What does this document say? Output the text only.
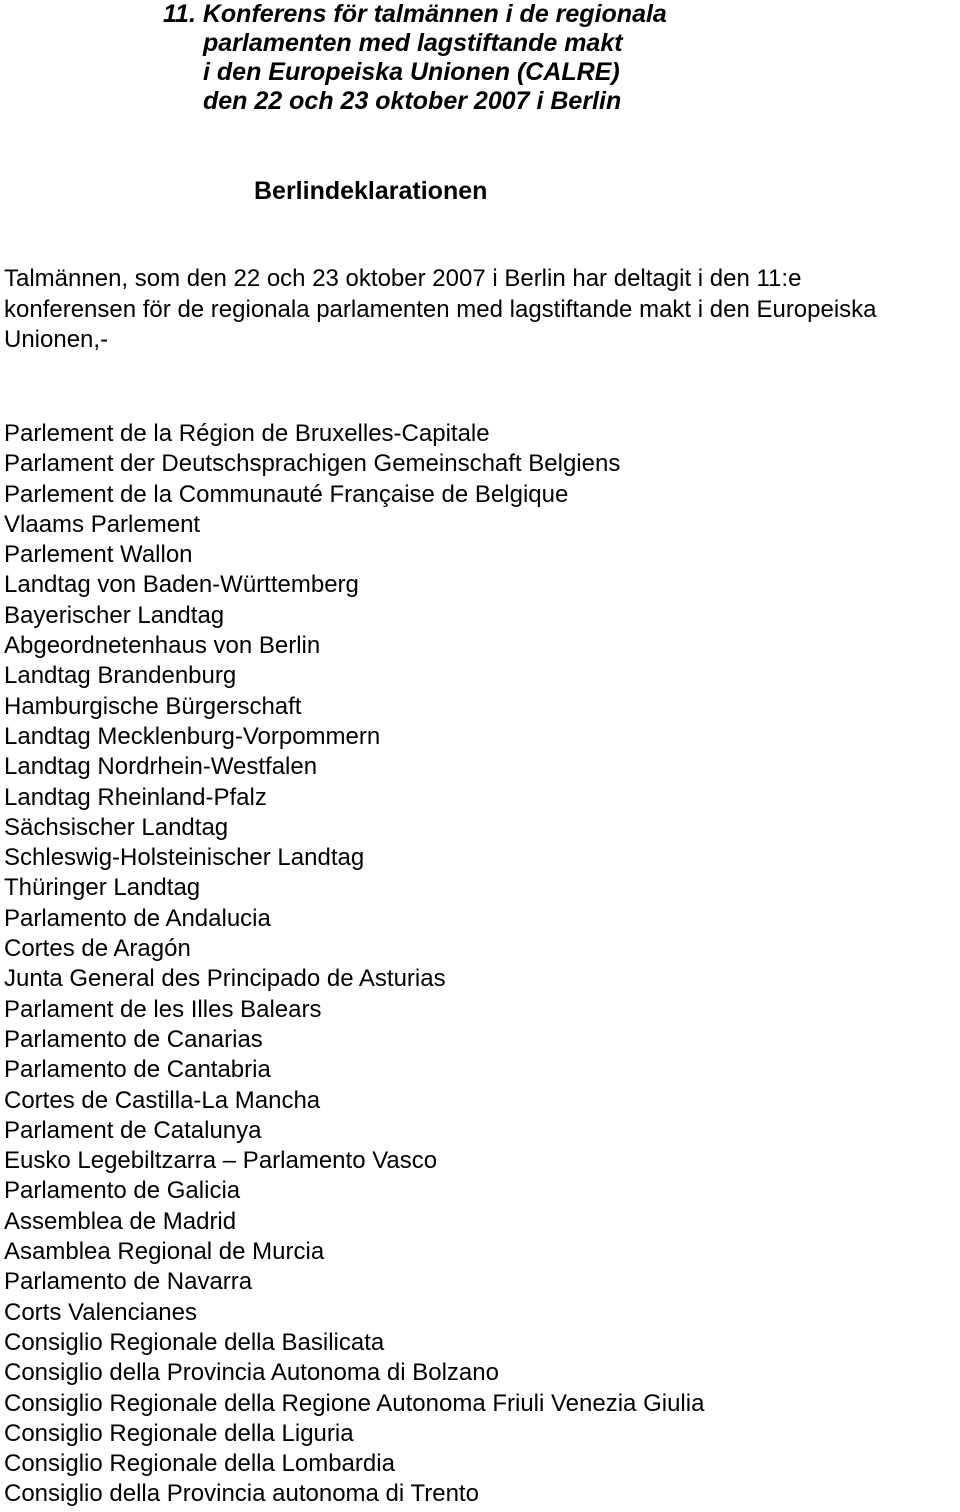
11. Konferens för talmännen i de regionala

parlamenten med lagstiftande makt

i den Europeiska Unionen (CALRE)

den 22 och 23 oktober 2007 i Berlin

Berlindeklarationen

Talmännen, som den 22 och 23 oktober 2007 i Berlin har deltagit i den 11:e
konferensen för de regionala parlamenten med lagstiftande makt i den Europeiska
Unionen,-

Parlement de la Région de Bruxelles-Capitale
Parlament der Deutschsprachigen Gemeinschaft Belgiens
Parlement de la Communauté Française de Belgique
Vlaams Parlement
Parlement Wallon
Landtag von Baden-Württemberg
Bayerischer Landtag
Abgeordnetenhaus von Berlin
Landtag Brandenburg
Hamburgische Bürgerschaft
Landtag Mecklenburg-Vorpommern
Landtag Nordrhein-Westfalen
Landtag Rheinland-Pfalz
Sächsischer Landtag
Schleswig-Holsteinischer Landtag
Thüringer Landtag
Parlamento de Andalucia
Cortes de Aragón
Junta General des Principado de Asturias
Parlament de les Illes Balears
Parlamento de Canarias
Parlamento de Cantabria
Cortes de Castilla-La Mancha
Parlament de Catalunya
Eusko Legebiltzarra – Parlamento Vasco
Parlamento de Galicia
Assemblea de Madrid
Asamblea Regional de Murcia
Parlamento de Navarra
Corts Valencianes
Consiglio Regionale della Basilicata
Consiglio della Provincia Autonoma di Bolzano
Consiglio Regionale della Regione Autonoma Friuli Venezia Giulia
Consiglio Regionale della Liguria
Consiglio Regionale della Lombardia
Consiglio della Provincia autonoma di Trento
